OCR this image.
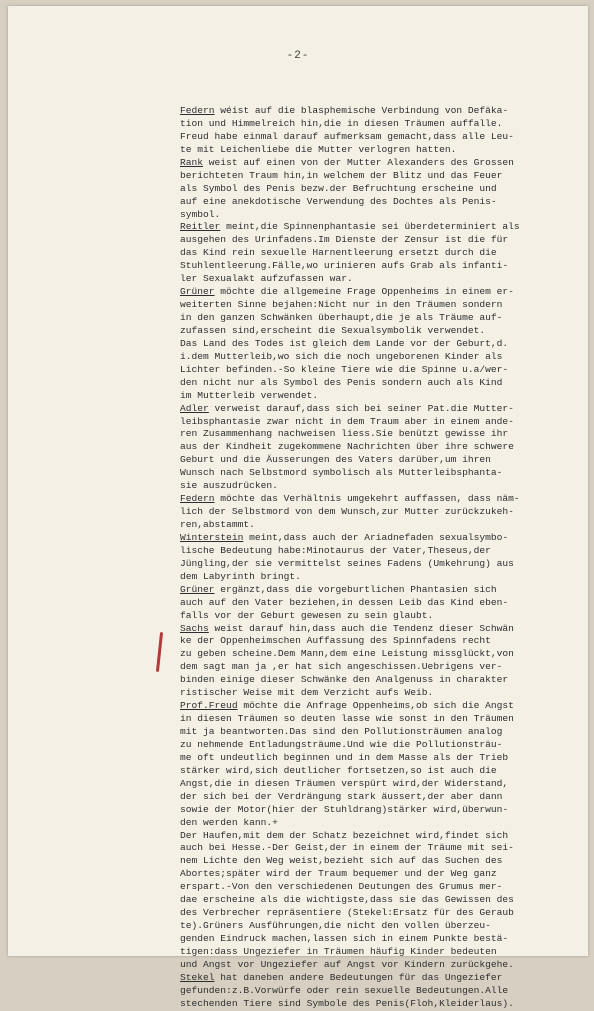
-2-
Federn wéist auf die blasphemische Verbindung von Defäka-
tion und Himmelreich hin,die in diesen Träumen auffalle.
Freud habe einmal darauf aufmerksam gemacht,dass alle Leu-
te mit Leichenliebe die Mutter verlogren hatten.
Rank weist auf einen von der Mutter Alexanders des Grossen
berichteten Traum hin,in welchem der Blitz und das Feuer
als Symbol des Penis bezw.der Befruchtung erscheine und
auf eine anekdotische Verwendung des Dochtes als Penis-
symbol.
Reitler meint,die Spinnenphantasie sei überdeterminiert als
ausgehen des Urinfadens.Im Dienste der Zensur ist die für
das Kind rein sexuelle Harnentleerung ersetzt durch die
Stuhlentleerung.Fälle,wo urinieren aufs Grab als infanti-
ler Sexualakt aufzufassen war.
Grüner möchte die allgemeine Frage Oppenheims in einem er-
weiterten Sinne bejahen:Nicht nur in den Träumen sondern
in den ganzen Schwänken überhaupt,die je als Träume auf-
zufassen sind,erscheint die Sexualsymbolik verwendet.
Das Land des Todes ist gleich dem Lande vor der Geburt,d.
i.dem Mutterleib,wo sich die noch ungeborenen Kinder als
Lichter befinden.-So kleine Tiere wie die Spinne u.a/wer-
den nicht nur als Symbol des Penis sondern auch als Kind
im Mutterleib verwendet.
Adler verweist darauf,dass sich bei seiner Pat.die Mutter-
leibsphantasie zwar nicht in dem Traum aber in einem ande-
ren Zusammenhang nachweisen liess.Sie benützt gewisse ihr
aus der Kindheit zugekommene Nachrichten über ihre schwere
Geburt und die Äusserungen des Vaters darüber,um ihren
Wunsch nach Selbstmord symbolisch als Mutterleibsphanta-
sie auszudrücken.
Federn möchte das Verhältnis umgekehrt auffassen, dass näm-
lich der Selbstmord von dem Wunsch,zur Mutter zurückzukeh-
ren,abstammt.
Winterstein meint,dass auch der Ariadnefaden sexualsymbo-
lische Bedeutung habe:Minotaurus der Vater,Theseus,der
Jüngling,der sie vermittelst seines Fadens (Umkehrung) aus
dem Labyrinth bringt.
Grüner ergänzt,dass die vorgeburtlichen Phantasien sich
auch auf den Vater beziehen,in dessen Leib das Kind eben-
falls vor der Geburt gewesen zu sein glaubt.
Sachs weist darauf hin,dass auch die Tendenz dieser Schwän
ke der Oppenheimschen Auffassung des Spinnfadens recht
zu geben scheine.Dem Mann,dem eine Leistung missglückt,von
dem sagt man ja ,er hat sich angeschissen.Uebrigens ver-
binden einige dieser Schwänke den Analgenuss in charakter
ristischer Weise mit dem Verzicht aufs Weib.
Prof.Freud möchte die Anfrage Oppenheims,ob sich die Angst
in diesen Träumen so deuten lasse wie sonst in den Träumen
mit ja beantworten.Das sind den Pollutionsträumen analog
zu nehmende Entladungsträume.Und wie die Pollutionsträu-
me oft undeutlich beginnen und in dem Masse als der Trieb
stärker wird,sich deutlicher fortsetzen,so ist auch die
Angst,die in diesen Träumen verspürt wird,der Widerstand,
der sich bei der Verdrängung stark äussert,der aber dann
sowie der Motor(hier der Stuhldrang)stärker wird,überwun-
den werden kann.+
Der Haufen,mit dem der Schatz bezeichnet wird,findet sich
auch bei Hesse.-Der Geist,der in einem der Träume mit sei-
nem Lichte den Weg weist,bezieht sich auf das Suchen des
Abortes;später wird der Traum bequemer und der Weg ganz
erspart.-Von den verschiedenen Deutungen des Grumus mer-
dae erscheine als die wichtigste,dass sie das Gewissen des
des Verbrecher repräsentiere (Stekel:Ersatz für des Geraub
te).Grüners Ausführungen,die nicht den vollen überzeu-
genden Eindruck machen,lassen sich in einem Punkte bestä-
tigen:dass Ungeziefer in Träumen häufig Kinder bedeuten
und Angst vor Ungeziefer auf Angst vor Kindern zurückgehe.
Stekel hat daneben andere Bedeutungen für das Ungeziefer
gefunden:z.B.Vorwürfe oder rein sexuelle Bedeutungen.Alle
stechenden Tiere sind Symbole des Penis(Floh,Kleiderlaus).
